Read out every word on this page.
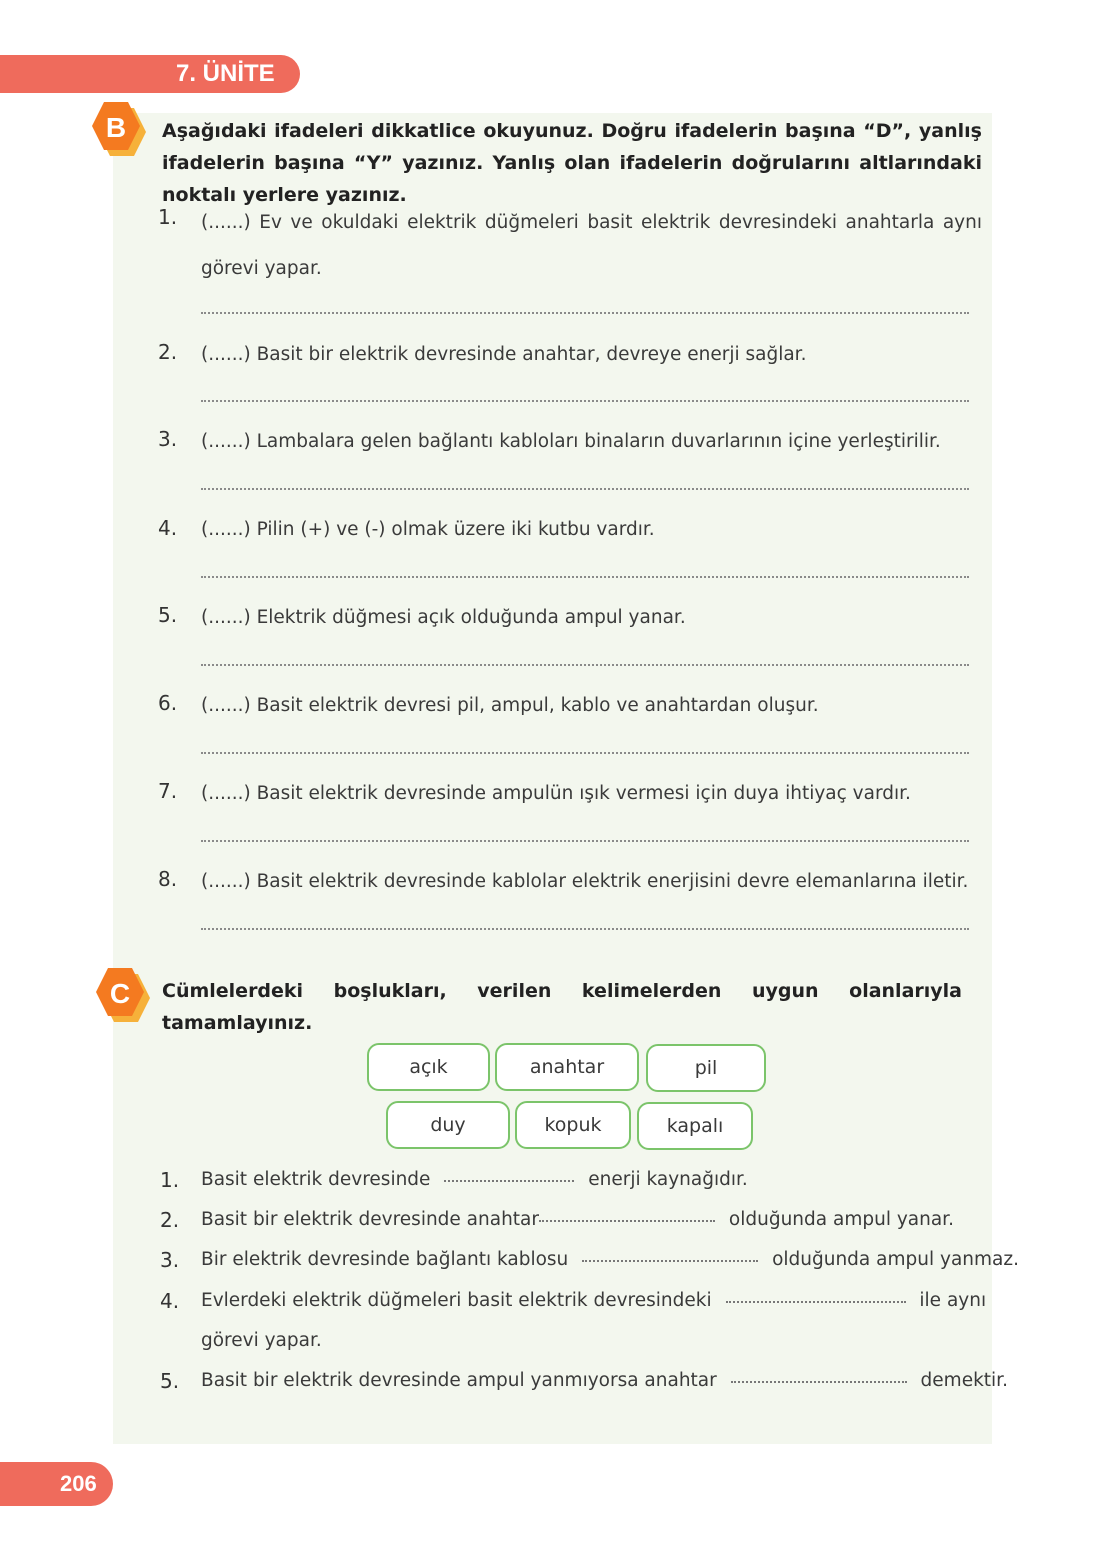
7. ÜNİTE
B	Aşağıdaki ifadeleri dikkatlice okuyunuz. Doğru ifadelerin başına “D”, yanlış ifadelerin başına “Y” yazınız. Yanlış olan ifadelerin doğrularını altlarındaki noktalı yerlere yazınız.
1. (......) Ev ve okuldaki elektrik düğmeleri basit elektrik devresindeki anahtarla aynı görevi yapar.
2. (......) Basit bir elektrik devresinde anahtar, devreye enerji sağlar.
3. (......) Lambalara gelen bağlantı kabloları binaların duvarlarının içine yerleştirilir.
4. (......) Pilin (+) ve (-) olmak üzere iki kutbu vardır.
5. (......) Elektrik düğmesi açık olduğunda ampul yanar.
6. (......) Basit elektrik devresi pil, ampul, kablo ve anahtardan oluşur.
7. (......) Basit elektrik devresinde ampulün ışık vermesi için duya ihtiyaç vardır.
8. (......) Basit elektrik devresinde kablolar elektrik enerjisini devre elemanlarına iletir.
C	Cümlelerdeki boşlukları, verilen kelimelerden uygun olanlarıyla tamamlayınız.
açık	anahtar	pil
duy	kopuk	kapalı
1. Basit elektrik devresinde	enerji kaynağıdır.
2. Basit bir elektrik devresinde anahtar	olduğunda ampul yanar.
3. Bir elektrik devresinde bağlantı kablosu	olduğunda ampul yanmaz.
4. Evlerdeki elektrik düğmeleri basit elektrik devresindeki	ile aynı
görevi yapar.
5. Basit bir elektrik devresinde ampul yanmıyorsa anahtar	demektir.
206
